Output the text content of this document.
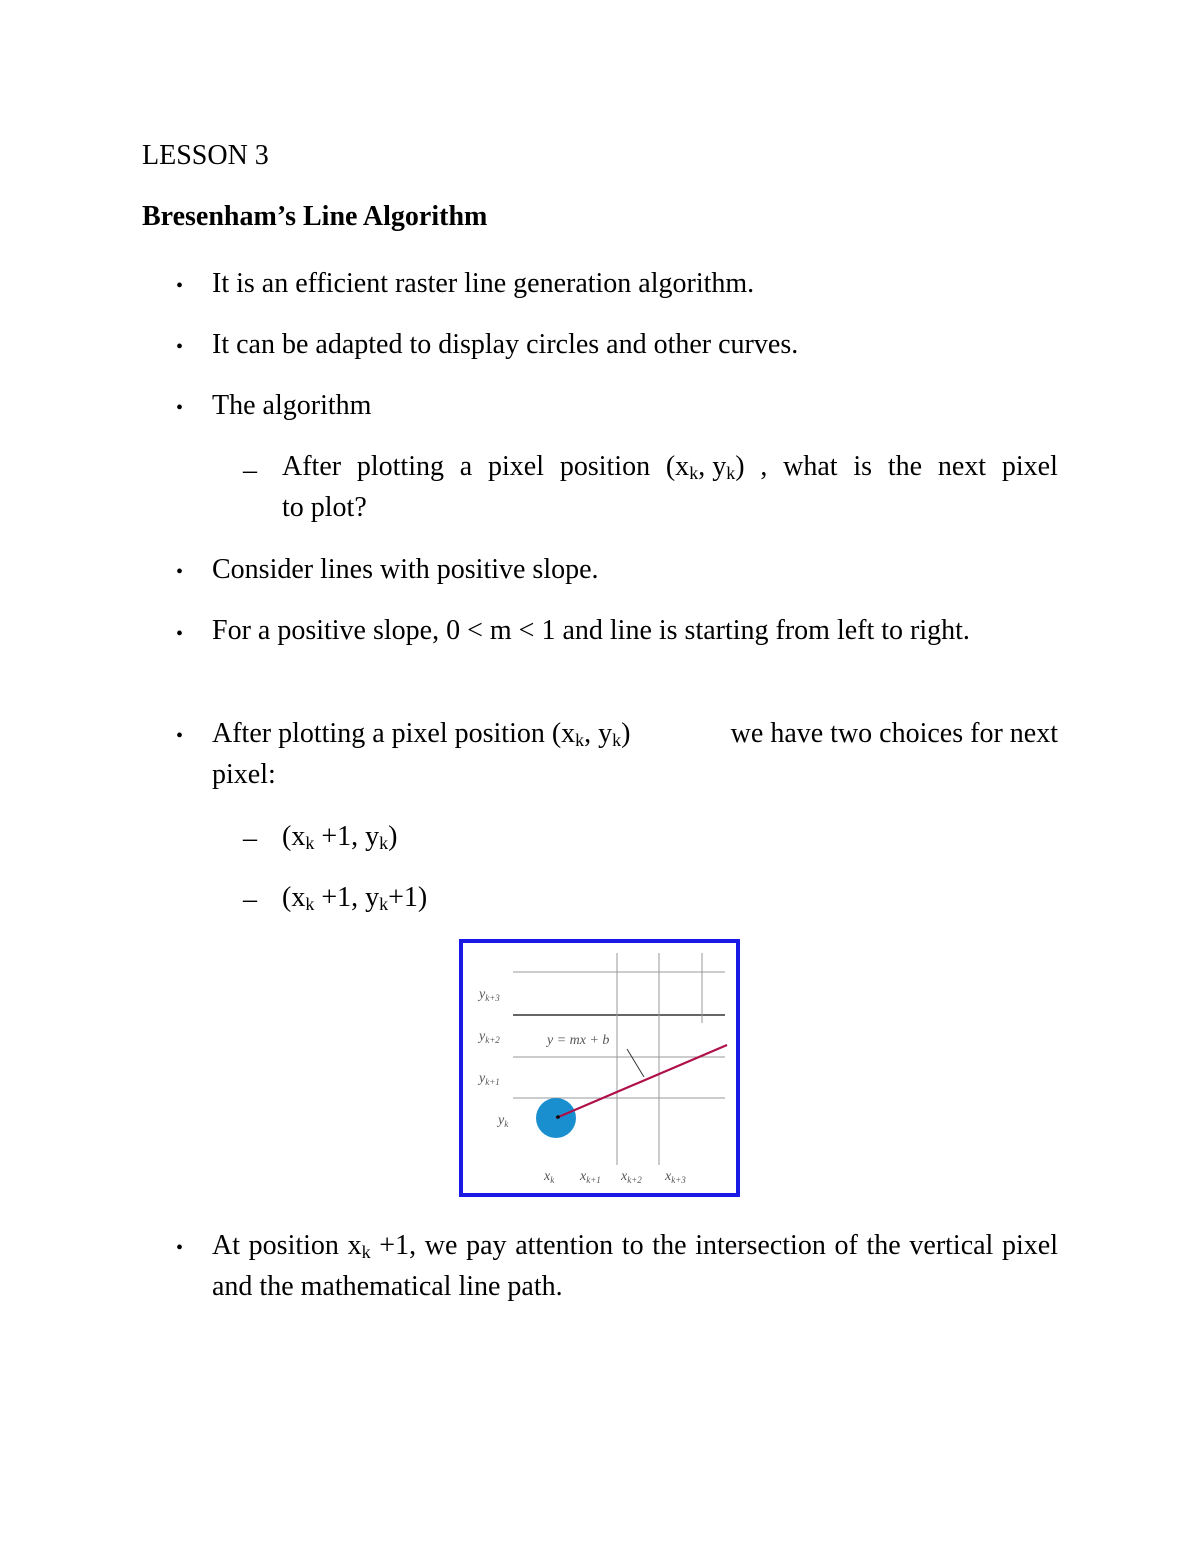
LESSON 3
Bresenham’s Line Algorithm
• It is an efficient raster line generation algorithm.
• It can be adapted to display circles and other curves.
• The algorithm
– After plotting a pixel position ($x_k$, $y_k$) , what is the next pixel
to plot?
• Consider lines with positive slope.
• For a positive slope, 0 < m < 1 and line is starting from left to right.
• After plotting a pixel position ($x_k$, $y_k$)	we have two choices for next
pixel:
– ($x_k +1$, $y_k$)
– ($x_k +1$, $y_k+1$)
$y_{k+3}$
$y_{k+2}$
$y_{k+1}$
$y_k$
y = mx + b
$x_k$ $x_{k+1}$ $x_{k+2}$ $x_{k+3}$
• At position $x_k +1$, we pay attention to the intersection of the vertical pixel and the mathematical line path.
